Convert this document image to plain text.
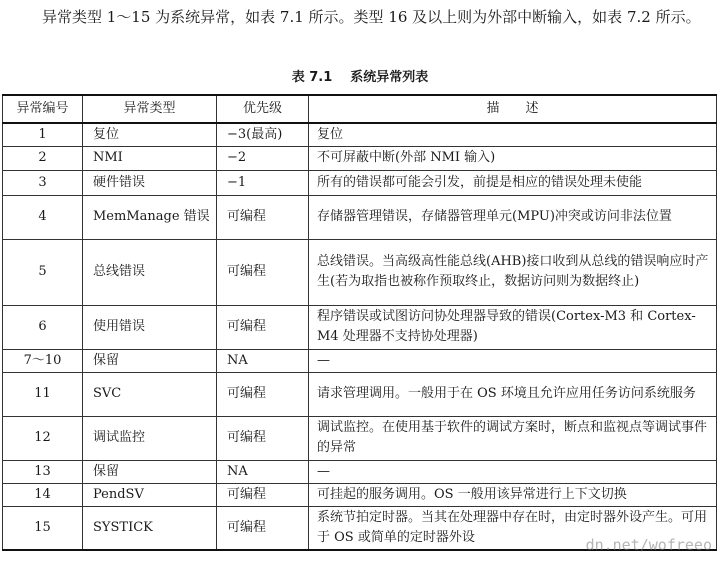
异常类型 1～15 为系统异常，如表 7.1 所示。类型 16 及以上则为外部中断输入，如表 7.2 所示。

表 7.1 系统异常列表
异常编号	异常类型	优先级	描　　述
1	复位	−3(最高)	复位
2	NMI	−2	不可屏蔽中断(外部 NMI 输入)
3	硬件错误	−1	所有的错误都可能会引发，前提是相应的错误处理未使能
4	MemManage 错误	可编程	存储器管理错误，存储器管理单元(MPU)冲突或访问非法位置
5	总线错误	可编程	总线错误。当高级高性能总线(AHB)接口收到从总线的错误响应时产生(若为取指也被称作预取终止，数据访问则为数据终止)
6	使用错误	可编程	程序错误或试图访问协处理器导致的错误(Cortex-M3 和 Cortex-M4 处理器不支持协处理器)
7～10	保留	NA	—
11	SVC	可编程	请求管理调用。一般用于在 OS 环境且允许应用任务访问系统服务
12	调试监控	可编程	调试监控。在使用基于软件的调试方案时，断点和监视点等调试事件的异常
13	保留	NA	—
14	PendSV	可编程	可挂起的服务调用。OS 一般用该异常进行上下文切换
15	SYSTICK	可编程	系统节拍定时器。当其在处理器中存在时，由定时器外设产生。可用于 OS 或简单的定时器外设	dn.net/wofreeo
